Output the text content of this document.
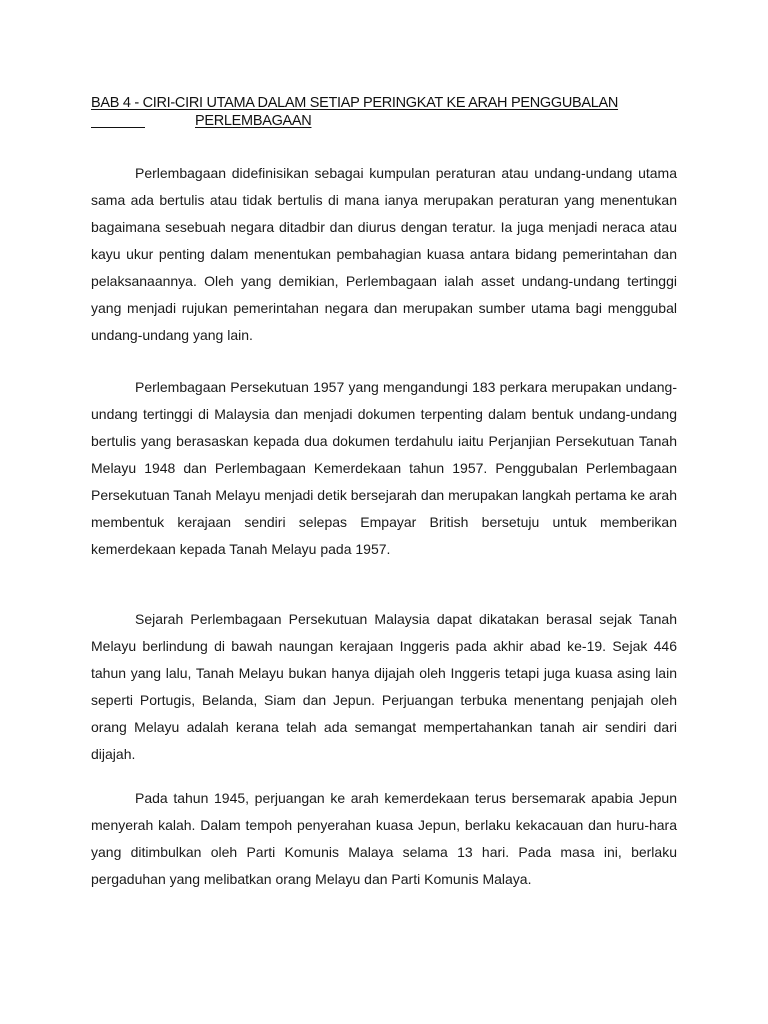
BAB 4 - CIRI-CIRI UTAMA DALAM SETIAP PERINGKAT KE ARAH PENGGUBALAN
PERLEMBAGAAN

Perlembagaan didefinisikan sebagai kumpulan peraturan atau undang-undang utama sama ada bertulis atau tidak bertulis di mana ianya merupakan peraturan yang menentukan bagaimana sesebuah negara ditadbir dan diurus dengan teratur. Ia juga menjadi neraca atau kayu ukur penting dalam menentukan pembahagian kuasa antara bidang pemerintahan dan pelaksanaannya. Oleh yang demikian, Perlembagaan ialah asset undang-undang tertinggi yang menjadi rujukan pemerintahan negara dan merupakan sumber utama bagi menggubal undang-undang yang lain.

Perlembagaan Persekutuan 1957 yang mengandungi 183 perkara merupakan undang-undang tertinggi di Malaysia dan menjadi dokumen terpenting dalam bentuk undang-undang bertulis yang berasaskan kepada dua dokumen terdahulu iaitu Perjanjian Persekutuan Tanah Melayu 1948 dan Perlembagaan Kemerdekaan tahun 1957. Penggubalan Perlembagaan Persekutuan Tanah Melayu menjadi detik bersejarah dan merupakan langkah pertama ke arah membentuk kerajaan sendiri selepas Empayar British bersetuju untuk memberikan kemerdekaan kepada Tanah Melayu pada 1957.

Sejarah Perlembagaan Persekutuan Malaysia dapat dikatakan berasal sejak Tanah Melayu berlindung di bawah naungan kerajaan Inggeris pada akhir abad ke-19. Sejak 446 tahun yang lalu, Tanah Melayu bukan hanya dijajah oleh Inggeris tetapi juga kuasa asing lain seperti Portugis, Belanda, Siam dan Jepun. Perjuangan terbuka menentang penjajah oleh orang Melayu adalah kerana telah ada semangat mempertahankan tanah air sendiri dari dijajah.

Pada tahun 1945, perjuangan ke arah kemerdekaan terus bersemarak apabia Jepun menyerah kalah. Dalam tempoh penyerahan kuasa Jepun, berlaku kekacauan dan huru-hara yang ditimbulkan oleh Parti Komunis Malaya selama 13 hari. Pada masa ini, berlaku pergaduhan yang melibatkan orang Melayu dan Parti Komunis Malaya.
